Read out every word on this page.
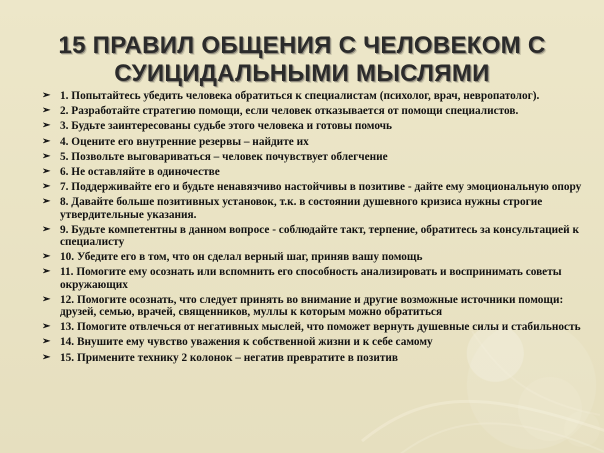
15 ПРАВИЛ ОБЩЕНИЯ С ЧЕЛОВЕКОМ С
СУИЦИДАЛЬНЫМИ МЫСЛЯМИ
➢ 1. Попытайтесь убедить человека обратиться к специалистам (психолог, врач, невропатолог).
➢ 2. Разработайте стратегию помощи, если человек отказывается от помощи специалистов.
➢ 3. Будьте заинтересованы судьбе этого человека и готовы помочь
➢ 4. Оцените его внутренние резервы – найдите их
➢ 5. Позвольте выговариваться – человек почувствует облегчение
➢ 6. Не оставляйте в одиночестве
➢ 7. Поддерживайте его и будьте ненавязчиво настойчивы в позитиве - дайте ему эмоциональную опору
➢ 8. Давайте больше позитивных установок, т.к. в состоянии душевного кризиса нужны строгие утвердительные указания.
➢ 9. Будьте компетентны в данном вопросе - соблюдайте такт, терпение, обратитесь за консультацией к специалисту
➢ 10. Убедите его в том, что он сделал верный шаг, приняв вашу помощь
➢ 11. Помогите ему осознать или вспомнить его способность анализировать и воспринимать советы окружающих
➢ 12. Помогите осознать, что следует принять во внимание и другие возможные источники помощи: друзей, семью, врачей, священников, муллы к которым можно обратиться
➢ 13. Помогите отвлечься от негативных мыслей, что поможет вернуть душевные силы и стабильность
➢ 14. Внушите ему чувство уважения к собственной жизни и к себе самому
➢ 15. Примените технику 2 колонок – негатив превратите в позитив
